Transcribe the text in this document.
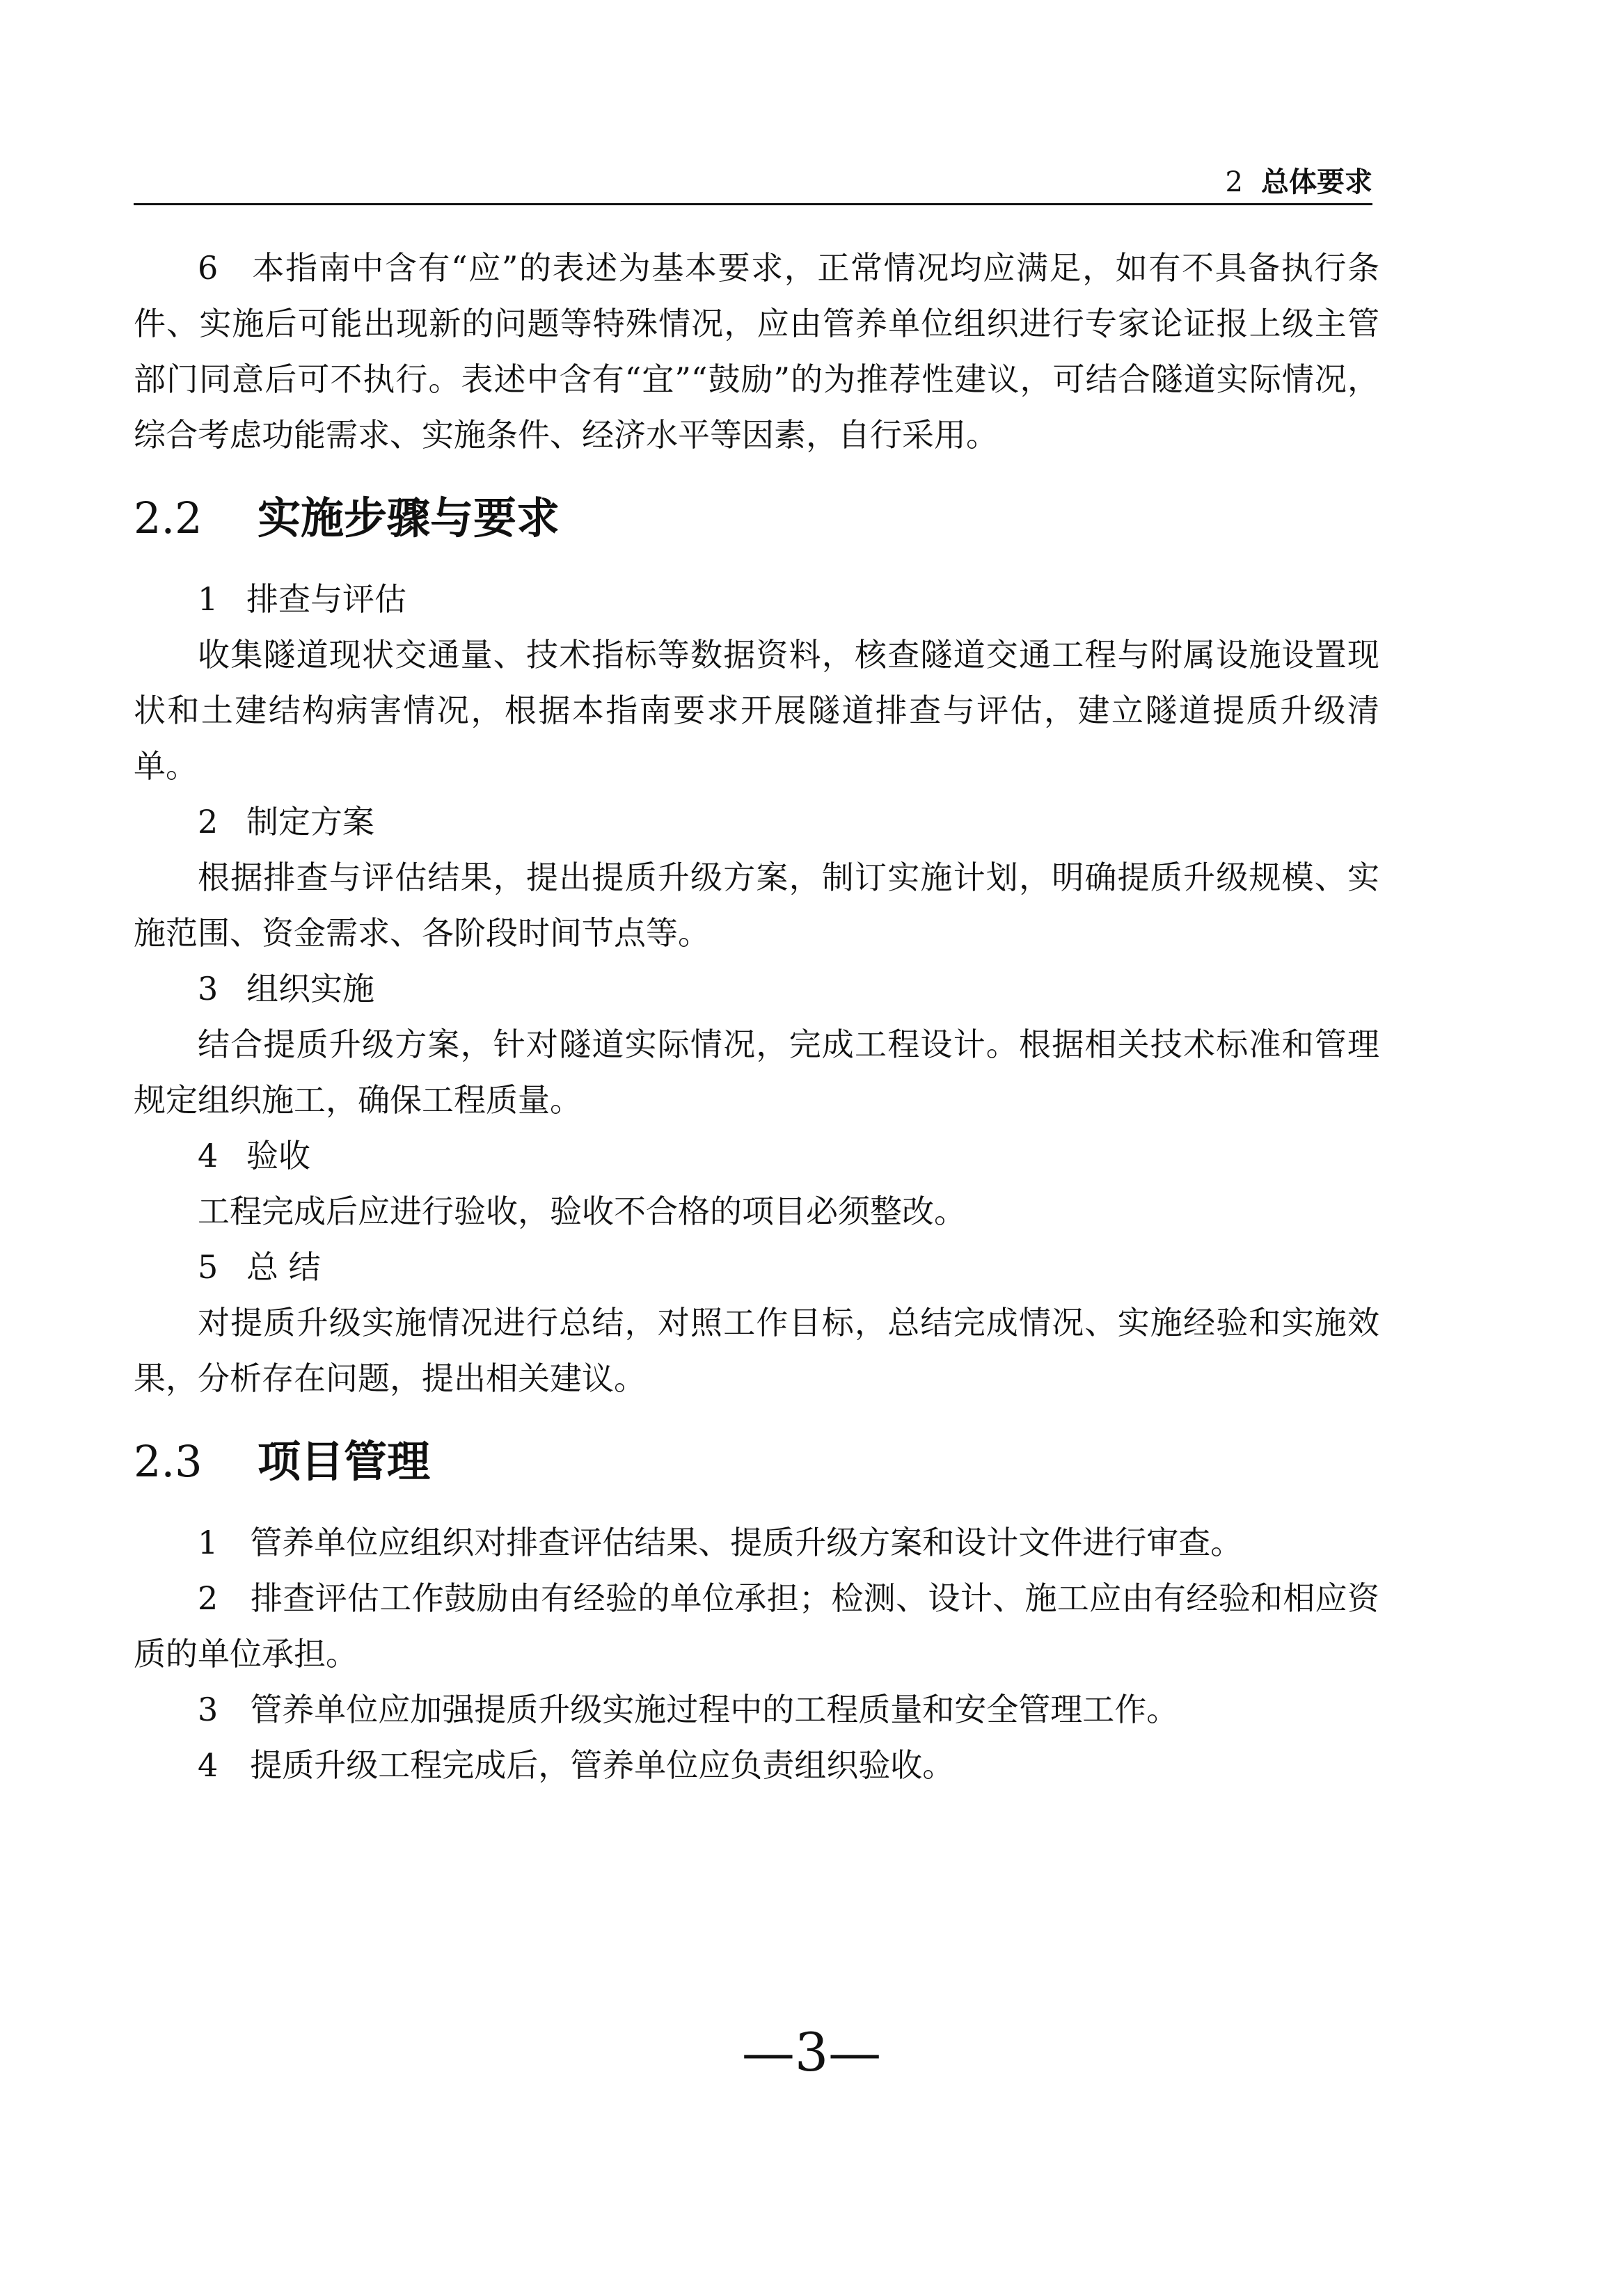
2 总体要求

6　 本指南中含有“应”的表述为基本要求，正常情况均应满足，如有不具备执行条件、实施后可能出现新的问题等特殊情况，应由管养单位组织进行专家论证报上级主管部门同意后可不执行。表述中含有“宜”“鼓励”的为推荐性建议，可结合隧道实际情况，综合考虑功能需求、实施条件、经济水平等因素，自行采用。

2.2 实施步骤与要求

1 排查与评估

收集隧道现状交通量、技术指标等数据资料，核查隧道交通工程与附属设施设置现状和土建结构病害情况，根据本指南要求开展隧道排查与评估，建立隧道提质升级清单。

2 制定方案

根据排查与评估结果，提出提质升级方案，制订实施计划，明确提质升级规模、实施范围、资金需求、各阶段时间节点等。

3 组织实施

结合提质升级方案，针对隧道实际情况，完成工程设计。根据相关技术标准和管理规定组织施工，确保工程质量。

4 验收

工程完成后应进行验收，验收不合格的项目必须整改。

5 总 结

对提质升级实施情况进行总结，对照工作目标，总结完成情况、实施经验和实施效果，分析存在问题，提出相关建议。

2.3 项目管理

1　 管养单位应组织对排查评估结果、提质升级方案和设计文件进行审查。

2　 排查评估工作鼓励由有经验的单位承担；检测、设计、施工应由有经验和相应资质的单位承担。

3　 管养单位应加强提质升级实施过程中的工程质量和安全管理工作。

4　 提质升级工程完成后，管养单位应负责组织验收。

—3—
